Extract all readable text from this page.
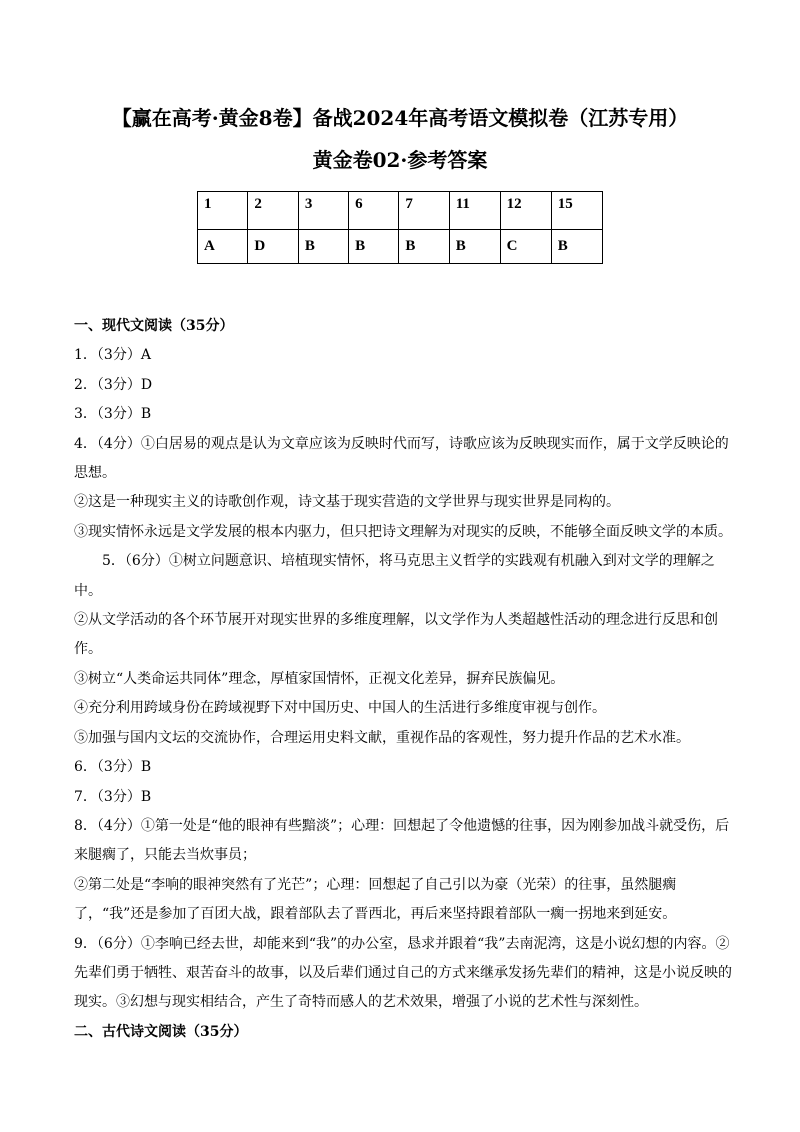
【赢在高考·黄金8卷】备战2024年高考语文模拟卷（江苏专用）
黄金卷02·参考答案
1	2	3	6	7	11	12	15
A	D	B	B	B	B	C	B

一、现代文阅读（35分）

1．（3分）A

2．（3分）D

3．（3分）B

4．（4分）①白居易的观点是认为文章应该为反映时代而写，诗歌应该为反映现实而作，属于文学反映论的思想。

②这是一种现实主义的诗歌创作观，诗文基于现实营造的文学世界与现实世界是同构的。

③现实情怀永远是文学发展的根本内驱力，但只把诗文理解为对现实的反映，不能够全面反映文学的本质。

5．（6分）①树立问题意识、培植现实情怀，将马克思主义哲学的实践观有机融入到对文学的理解之中。

②从文学活动的各个环节展开对现实世界的多维度理解，以文学作为人类超越性活动的理念进行反思和创作。

③树立“人类命运共同体”理念，厚植家国情怀，正视文化差异，摒弃民族偏见。

④充分利用跨域身份在跨域视野下对中国历史、中国人的生活进行多维度审视与创作。

⑤加强与国内文坛的交流协作，合理运用史料文献，重视作品的客观性，努力提升作品的艺术水准。

6．（3分）B

7．（3分）B

8．（4分）①第一处是“他的眼神有些黯淡”；心理：回想起了令他遗憾的往事，因为刚参加战斗就受伤，后来腿瘸了，只能去当炊事员；

②第二处是“李响的眼神突然有了光芒”；心理：回想起了自己引以为豪（光荣）的往事，虽然腿瘸了，“我”还是参加了百团大战，跟着部队去了晋西北，再后来坚持跟着部队一瘸一拐地来到延安。

9．（6分）①李响已经去世，却能来到“我”的办公室，恳求并跟着“我”去南泥湾，这是小说幻想的内容。②先辈们勇于牺牲、艰苦奋斗的故事，以及后辈们通过自己的方式来继承发扬先辈们的精神，这是小说反映的现实。③幻想与现实相结合，产生了奇特而感人的艺术效果，增强了小说的艺术性与深刻性。

二、古代诗文阅读（35分）
